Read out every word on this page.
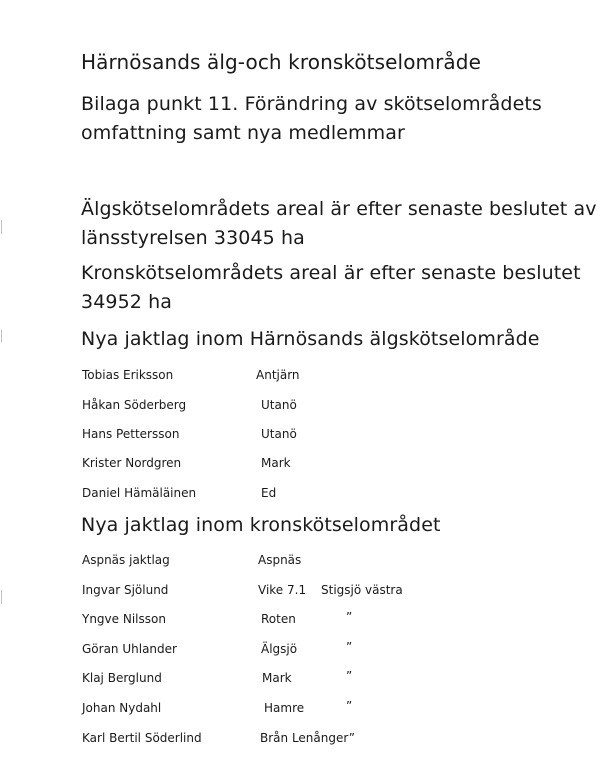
Härnösands älg-och kronskötselområde
Bilaga punkt 11. Förändring av skötselområdets
omfattning samt nya medlemmar
Älgskötselområdets areal är efter senaste beslutet av
länsstyrelsen 33045 ha
Kronskötselområdets areal är efter senaste beslutet
34952 ha
Nya jaktlag inom Härnösands älgskötselområde
Tobias Eriksson	Antjärn
Håkan Söderberg	Utanö
Hans Pettersson	Utanö
Krister Nordgren	Mark
Daniel Hämäläinen	Ed
Nya jaktlag inom kronskötselområdet
Aspnäs jaktlag	Aspnäs
Ingvar Sjölund	Vike 7.1 Stigsjö västra
Yngve Nilsson	Roten	”
Göran Uhlander	Älgsjö	”
Klaj Berglund	Mark	”
Johan Nydahl	Hamre	”
Karl Bertil Söderlind	Brån Lenånger”
